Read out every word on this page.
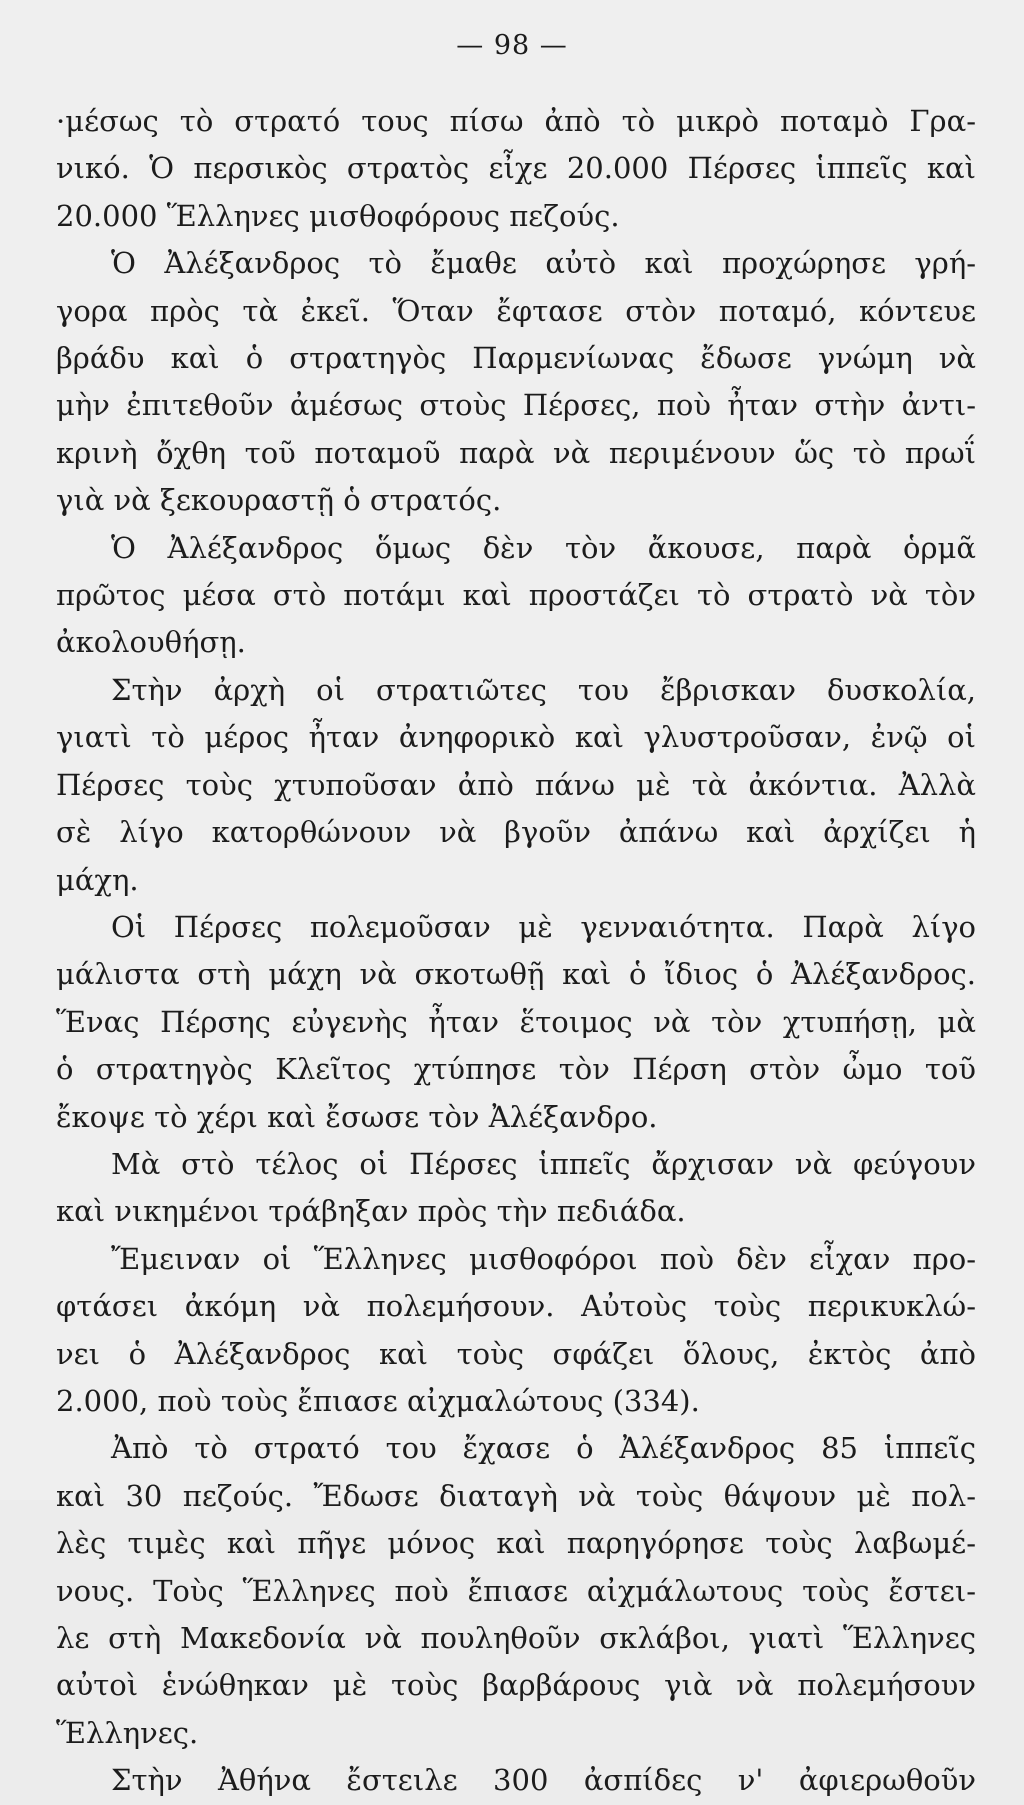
— 98 —
·μέσως τὸ στρατό τους πίσω ἀπὸ τὸ μικρὸ ποταμὸ Γρα-
νικό. Ὁ περσικὸς στρατὸς εἶχε 20.000 Πέρσες ἱππεῖς καὶ
20.000 Ἕλληνες μισθοφόρους πεζούς.
Ὁ Ἀλέξανδρος τὸ ἔμαθε αὐτὸ καὶ προχώρησε γρή-
γορα πρὸς τὰ ἐκεῖ. Ὅταν ἔφτασε στὸν ποταμό, κόντευε
βράδυ καὶ ὁ στρατηγὸς Παρμενίωνας ἔδωσε γνώμη νὰ
μὴν ἐπιτεθοῦν ἀμέσως στοὺς Πέρσες, ποὺ ἦταν στὴν ἀντι-
κρινὴ ὄχθη τοῦ ποταμοῦ παρὰ νὰ περιμένουν ὥς τὸ πρωΐ
γιὰ νὰ ξεκουραστῇ ὁ στρατός.
Ὁ Ἀλέξανδρος ὅμως δὲν τὸν ἄκουσε, παρὰ ὁρμᾶ
πρῶτος μέσα στὸ ποτάμι καὶ προστάζει τὸ στρατὸ νὰ τὸν
ἀκολουθήσῃ.
Στὴν ἀρχὴ οἱ στρατιῶτες του ἔβρισκαν δυσκολία,
γιατὶ τὸ μέρος ἦταν ἀνηφορικὸ καὶ γλυστροῦσαν, ἐνῷ οἱ
Πέρσες τοὺς χτυποῦσαν ἀπὸ πάνω μὲ τὰ ἀκόντια. Ἀλλὰ
σὲ λίγο κατορθώνουν νὰ βγοῦν ἀπάνω καὶ ἀρχίζει ἡ
μάχη.
Οἱ Πέρσες πολεμοῦσαν μὲ γενναιότητα. Παρὰ λίγο
μάλιστα στὴ μάχη νὰ σκοτωθῇ καὶ ὁ ἴδιος ὁ Ἀλέξανδρος.
Ἕνας Πέρσης εὐγενὴς ἦταν ἕτοιμος νὰ τὸν χτυπήσῃ, μὰ
ὁ στρατηγὸς Κλεῖτος χτύπησε τὸν Πέρση στὸν ὦμο τοῦ
ἔκοψε τὸ χέρι καὶ ἔσωσε τὸν Ἀλέξανδρο.
Μὰ στὸ τέλος οἱ Πέρσες ἱππεῖς ἄρχισαν νὰ φεύγουν
καὶ νικημένοι τράβηξαν πρὸς τὴν πεδιάδα.
Ἔμειναν οἱ Ἕλληνες μισθοφόροι ποὺ δὲν εἶχαν προ-
φτάσει ἀκόμη νὰ πολεμήσουν. Αὐτοὺς τοὺς περικυκλώ-
νει ὁ Ἀλέξανδρος καὶ τοὺς σφάζει ὅλους, ἐκτὸς ἀπὸ
2.000, ποὺ τοὺς ἔπιασε αἰχμαλώτους (334).
Ἀπὸ τὸ στρατό του ἔχασε ὁ Ἀλέξανδρος 85 ἱππεῖς
καὶ 30 πεζούς. Ἔδωσε διαταγὴ νὰ τοὺς θάψουν μὲ πολ-
λὲς τιμὲς καὶ πῆγε μόνος καὶ παρηγόρησε τοὺς λαβωμέ-
νους. Τοὺς Ἕλληνες ποὺ ἔπιασε αἰχμάλωτους τοὺς ἔστει-
λε στὴ Μακεδονία νὰ πουληθοῦν σκλάβοι, γιατὶ Ἕλληνες
αὐτοὶ ἑνώθηκαν μὲ τοὺς βαρβάρους γιὰ νὰ πολεμήσουν
Ἕλληνες.
Στὴν Ἀθήνα ἔστειλε 300 ἀσπίδες ν' ἀφιερωθοῦν
